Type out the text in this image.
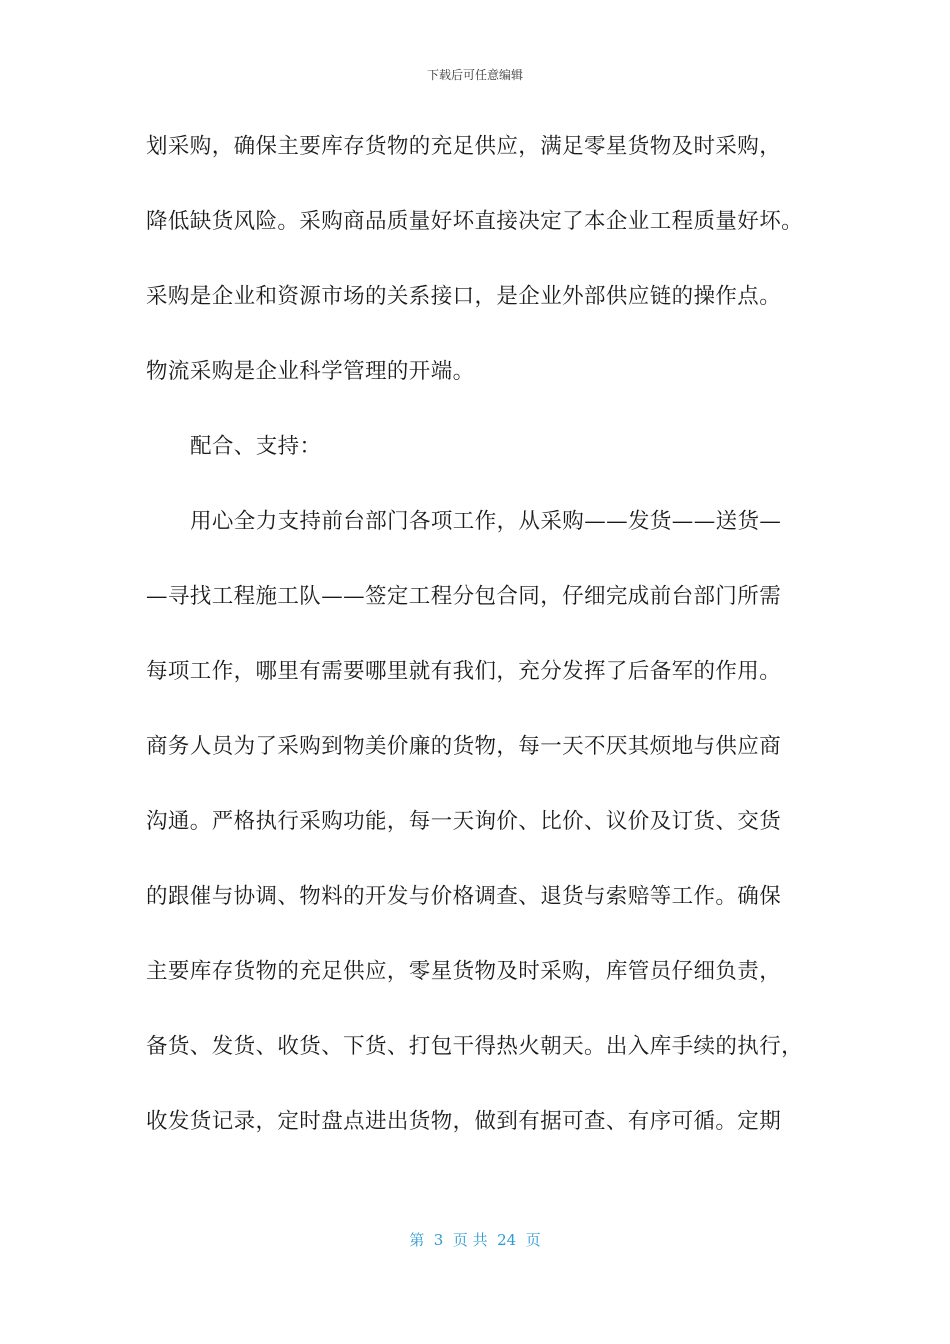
下载后可任意编辑
划采购，确保主要库存货物的充足供应，满足零星货物及时采购，
降低缺货风险。采购商品质量好坏直接决定了本企业工程质量好坏。
采购是企业和资源市场的关系接口，是企业外部供应链的操作点。
物流采购是企业科学管理的开端。
配合、支持：
用心全力支持前台部门各项工作，从采购——发货——送货—
—寻找工程施工队——签定工程分包合同，仔细完成前台部门所需
每项工作，哪里有需要哪里就有我们，充分发挥了后备军的作用。
商务人员为了采购到物美价廉的货物，每一天不厌其烦地与供应商
沟通。严格执行采购功能，每一天询价、比价、议价及订货、交货
的跟催与协调、物料的开发与价格调查、退货与索赔等工作。确保
主要库存货物的充足供应，零星货物及时采购，库管员仔细负责，
备货、发货、收货、下货、打包干得热火朝天。出入库手续的执行，
收发货记录，定时盘点进出货物，做到有据可查、有序可循。定期
第  3  页 共  24  页
